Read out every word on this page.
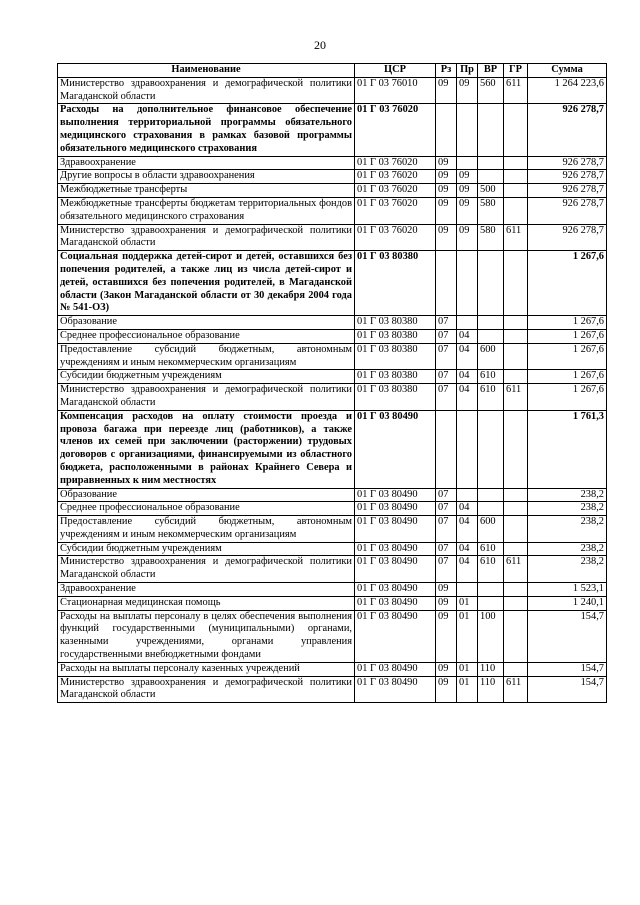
20
Наименование	ЦСР	Рз	Пр	ВР	ГР	Сумма
Министерство здравоохранения и демографической политики Магаданской области	01 Г 03 76010	09	09	560	611	1 264 223,6
Расходы на дополнительное финансовое обеспечение выполнения территориальной программы обязательного медицинского страхования в рамках базовой программы обязательного медицинского страхования	01 Г 03 76020					926 278,7
Здравоохранение	01 Г 03 76020	09				926 278,7
Другие вопросы в области здравоохранения	01 Г 03 76020	09	09			926 278,7
Межбюджетные трансферты	01 Г 03 76020	09	09	500		926 278,7
Межбюджетные трансферты бюджетам территориальных фондов обязательного медицинского страхования	01 Г 03 76020	09	09	580		926 278,7
Министерство здравоохранения и демографической политики Магаданской области	01 Г 03 76020	09	09	580	611	926 278,7
Социальная поддержка детей-сирот и детей, оставшихся без попечения родителей, а также лиц из числа детей-сирот и детей, оставшихся без попечения родителей, в Магаданской области (Закон Магаданской области от 30 декабря 2004 года № 541-ОЗ)	01 Г 03 80380					1 267,6
Образование	01 Г 03 80380	07				1 267,6
Среднее профессиональное образование	01 Г 03 80380	07	04			1 267,6
Предоставление субсидий бюджетным, автономным учреждениям и иным некоммерческим организациям	01 Г 03 80380	07	04	600		1 267,6
Субсидии бюджетным учреждениям	01 Г 03 80380	07	04	610		1 267,6
Министерство здравоохранения и демографической политики Магаданской области	01 Г 03 80380	07	04	610	611	1 267,6
Компенсация расходов на оплату стоимости проезда и провоза багажа при переезде лиц (работников), а также членов их семей при заключении (расторжении) трудовых договоров с организациями, финансируемыми из областного бюджета, расположенными в районах Крайнего Севера и приравненных к ним местностях	01 Г 03 80490					1 761,3
Образование	01 Г 03 80490	07				238,2
Среднее профессиональное образование	01 Г 03 80490	07	04			238,2
Предоставление субсидий бюджетным, автономным учреждениям и иным некоммерческим организациям	01 Г 03 80490	07	04	600		238,2
Субсидии бюджетным учреждениям	01 Г 03 80490	07	04	610		238,2
Министерство здравоохранения и демографической политики Магаданской области	01 Г 03 80490	07	04	610	611	238,2
Здравоохранение	01 Г 03 80490	09				1 523,1
Стационарная медицинская помощь	01 Г 03 80490	09	01			1 240,1
Расходы на выплаты персоналу в целях обеспечения выполнения функций государственными (муниципальными) органами, казенными учреждениями, органами управления государственными внебюджетными фондами	01 Г 03 80490	09	01	100		154,7
Расходы на выплаты персоналу казенных учреждений	01 Г 03 80490	09	01	110		154,7
Министерство здравоохранения и демографической политики Магаданской области	01 Г 03 80490	09	01	110	611	154,7
